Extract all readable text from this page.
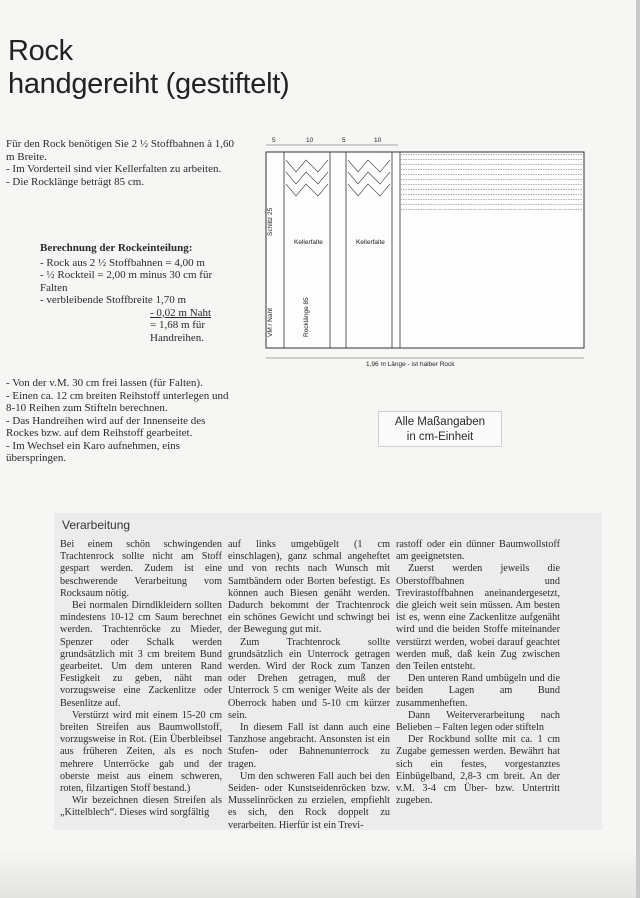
Rock
handgereiht (gestiftelt)

Für den Rock benötigen Sie 2 ½ Stoffbahnen à 1,60 m Breite.

- Im Vorderteil sind vier Kellerfalten zu arbeiten.

- Die Rocklänge beträgt 85 cm.

Berechnung der Rockeinteilung:

- Rock aus 2 ½ Stoffbahnen = 4,00 m

- ½ Rockteil = 2,00 m minus 30 cm für Falten

- verbleibende Stoffbreite 1,70 m

- 0,02 m Naht

= 1,68 m für

Handreihen.

5	10	5	10
Kellerfalte	Kellerfalte
Schlitz 25
VM / Naht	Rocklänge 85
1,96 m Länge - ist halber Rock

- Von der v.M. 30 cm frei lassen (für Falten).

- Einen ca. 12 cm breiten Reihstoff unterlegen und 8-10 Reihen zum Stifteln berechnen.

- Das Handreihen wird auf der Innenseite des Rockes bzw. auf dem Reihstoff gearbeitet.

- Im Wechsel ein Karo aufnehmen, eins überspringen.

Alle Maßangaben
in cm-Einheit
Verarbeitung

Bei einem schön schwingenden Trachtenrock sollte nicht am Stoff gespart werden. Zudem ist eine beschwerende Verarbeitung vom Rocksaum nötig.

Bei normalen Dirndlkleidern sollten mindestens 10-12 cm Saum berechnet werden. Trachtenröcke zu Mieder, Spenzer oder Schalk werden grundsätzlich mit 3 cm breitem Bund gearbeitet. Um dem unteren Rand Festigkeit zu geben, näht man vorzugsweise eine Zackenlitze oder Besenlitze auf.

Verstürzt wird mit einem 15-20 cm breiten Streifen aus Baumwollstoff, vorzugsweise in Rot. (Ein Überbleibsel aus früheren Zeiten, als es noch mehrere Unterröcke gab und der oberste meist aus einem schweren, roten, filzartigen Stoff bestand.)

Wir bezeichnen diesen Streifen als „Kittelblech“. Dieses wird sorgfältig

auf links umgebügelt (1 cm einschlagen), ganz schmal angeheftet und von rechts nach Wunsch mit Samtbändern oder Borten befestigt. Es können auch Biesen genäht werden. Dadurch bekommt der Trachtenrock ein schönes Gewicht und schwingt bei der Bewegung gut mit.

Zum Trachtenrock sollte grundsätzlich ein Unterrock getragen werden. Wird der Rock zum Tanzen oder Drehen getragen, muß der Unterrock 5 cm weniger Weite als der Oberrock haben und 5-10 cm kürzer sein.

In diesem Fall ist dann auch eine Tanzhose angebracht. Ansonsten ist ein Stufen- oder Bahnenunterrock zu tragen.

Um den schweren Fall auch bei den Seiden- oder Kunstseidenröcken bzw. Musselinröcken zu erzielen, empfiehlt es sich, den Rock doppelt zu verarbeiten. Hierfür ist ein Trevi-

rastoff oder ein dünner Baumwollstoff am geeignetsten.

Zuerst werden jeweils die Oberstoffbahnen und Trevirastoffbahnen aneinandergesetzt, die gleich weit sein müssen. Am besten ist es, wenn eine Zackenlitze aufgenäht wird und die beiden Stoffe miteinander verstürzt werden, wobei darauf geachtet werden muß, daß kein Zug zwischen den Teilen entsteht.

Den unteren Rand umbügeln und die beiden Lagen am Bund zusammenheften.

Dann Weiterverarbeitung nach Belieben – Falten legen oder stifteln

Der Rockbund sollte mit ca. 1 cm Zugabe gemessen werden. Bewährt hat sich ein festes, vorgestanztes Einbügelband, 2,8-3 cm breit. An der v.M. 3-4 cm Über- bzw. Untertritt zugeben.
